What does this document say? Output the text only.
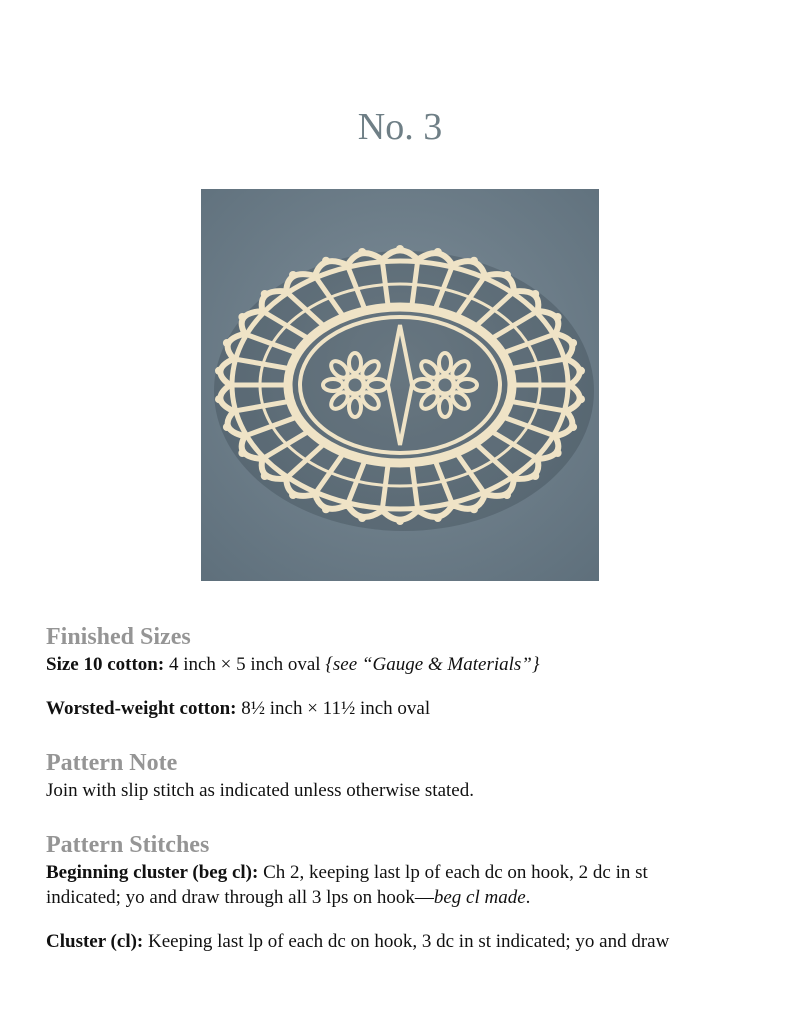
No. 3
Finished Sizes

Size 10 cotton: 4 inch × 5 inch oval {see “Gauge & Materials”}

Worsted-weight cotton: 8½ inch × 11½ inch oval

Pattern Note

Join with slip stitch as indicated unless otherwise stated.

Pattern Stitches

Beginning cluster (beg cl): Ch 2, keeping last lp of each dc on hook, 2 dc in st
indicated; yo and draw through all 3 lps on hook—beg cl made.

Cluster (cl): Keeping last lp of each dc on hook, 3 dc in st indicated; yo and draw
